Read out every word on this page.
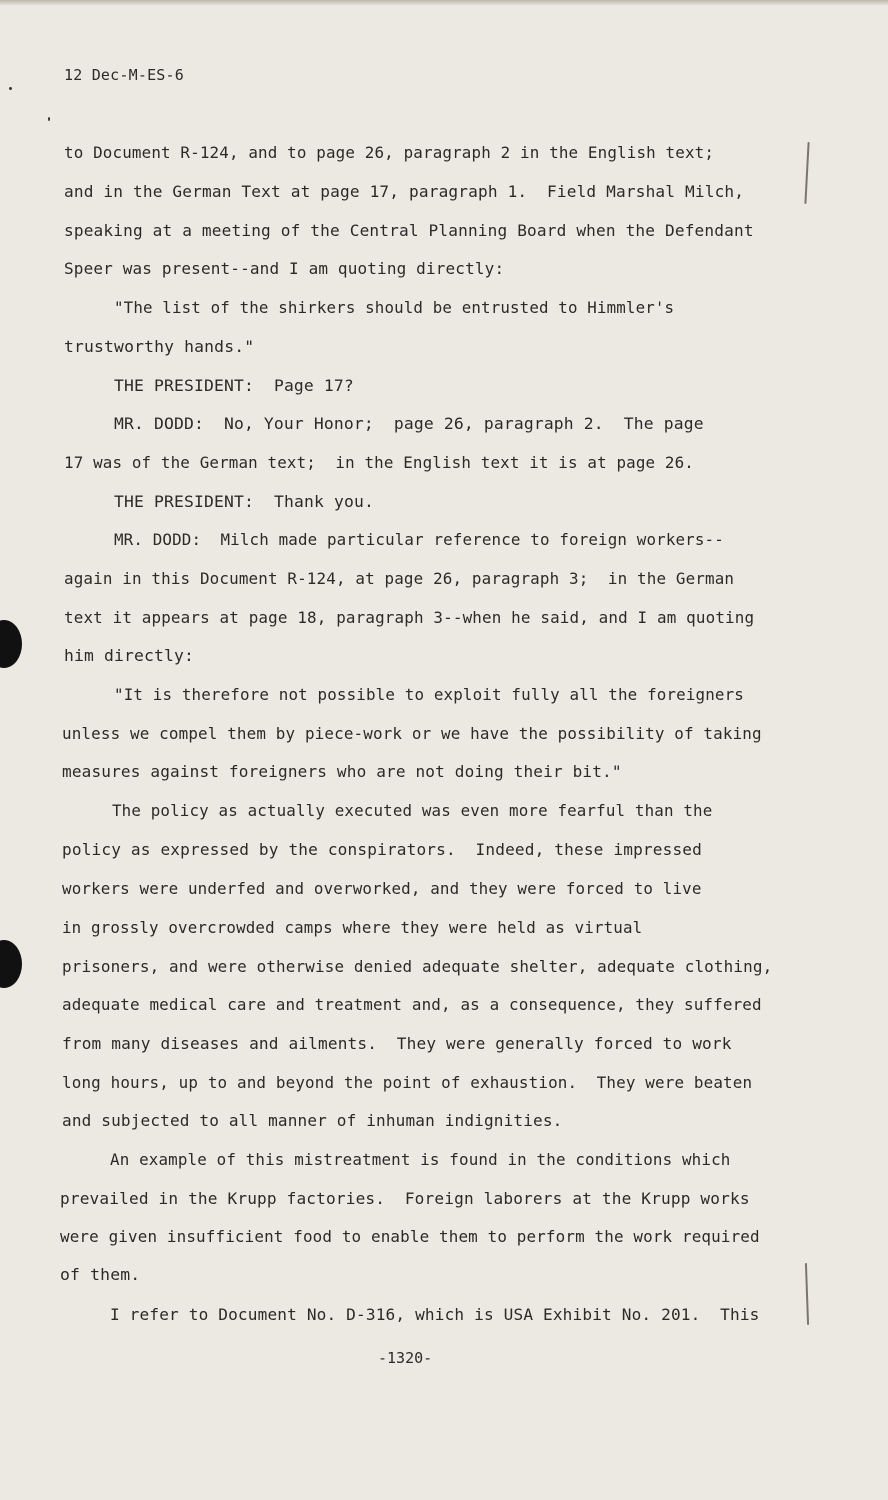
12 Dec-M-ES-6
to Document R-124, and to page 26, paragraph 2 in the English text;
and in the German Text at page 17, paragraph 1.  Field Marshal Milch,
speaking at a meeting of the Central Planning Board when the Defendant
Speer was present--and I am quoting directly:
"The list of the shirkers should be entrusted to Himmler's
trustworthy hands."
THE PRESIDENT:  Page 17?
MR. DODD:  No, Your Honor;  page 26, paragraph 2.  The page
17 was of the German text;  in the English text it is at page 26.
THE PRESIDENT:  Thank you.
MR. DODD:  Milch made particular reference to foreign workers--
again in this Document R-124, at page 26, paragraph 3;  in the German
text it appears at page 18, paragraph 3--when he said, and I am quoting
him directly:
"It is therefore not possible to exploit fully all the foreigners
unless we compel them by piece-work or we have the possibility of taking
measures against foreigners who are not doing their bit."
The policy as actually executed was even more fearful than the
policy as expressed by the conspirators.  Indeed, these impressed
workers were underfed and overworked, and they were forced to live
in grossly overcrowded camps where they were held as virtual
prisoners, and were otherwise denied adequate shelter, adequate clothing,
adequate medical care and treatment and, as a consequence, they suffered
from many diseases and ailments.  They were generally forced to work
long hours, up to and beyond the point of exhaustion.  They were beaten
and subjected to all manner of inhuman indignities.
An example of this mistreatment is found in the conditions which
prevailed in the Krupp factories.  Foreign laborers at the Krupp works
were given insufficient food to enable them to perform the work required
of them.
I refer to Document No. D-316, which is USA Exhibit No. 201.  This
-1320-
